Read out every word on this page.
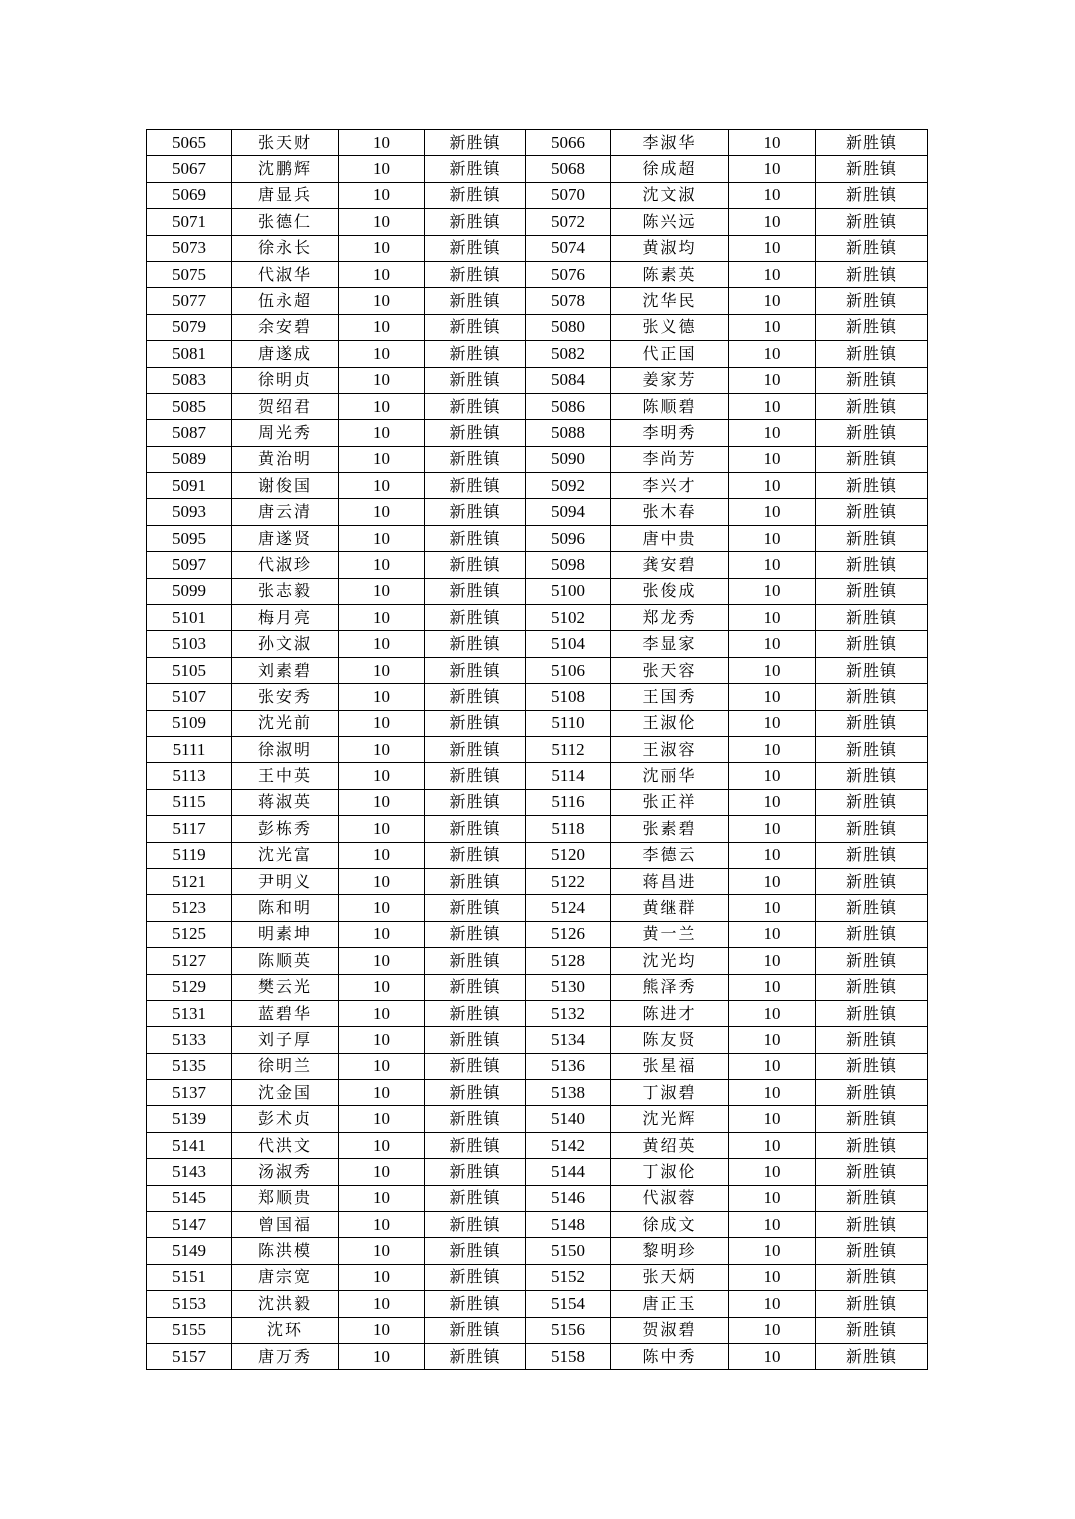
5065	张天财	10	新胜镇	5066	李淑华	10	新胜镇
5067	沈鹏辉	10	新胜镇	5068	徐成超	10	新胜镇
5069	唐显兵	10	新胜镇	5070	沈文淑	10	新胜镇
5071	张德仁	10	新胜镇	5072	陈兴远	10	新胜镇
5073	徐永长	10	新胜镇	5074	黄淑均	10	新胜镇
5075	代淑华	10	新胜镇	5076	陈素英	10	新胜镇
5077	伍永超	10	新胜镇	5078	沈华民	10	新胜镇
5079	余安碧	10	新胜镇	5080	张义德	10	新胜镇
5081	唐遂成	10	新胜镇	5082	代正国	10	新胜镇
5083	徐明贞	10	新胜镇	5084	姜家芳	10	新胜镇
5085	贺绍君	10	新胜镇	5086	陈顺碧	10	新胜镇
5087	周光秀	10	新胜镇	5088	李明秀	10	新胜镇
5089	黄治明	10	新胜镇	5090	李尚芳	10	新胜镇
5091	谢俊国	10	新胜镇	5092	李兴才	10	新胜镇
5093	唐云清	10	新胜镇	5094	张木春	10	新胜镇
5095	唐遂贤	10	新胜镇	5096	唐中贵	10	新胜镇
5097	代淑珍	10	新胜镇	5098	龚安碧	10	新胜镇
5099	张志毅	10	新胜镇	5100	张俊成	10	新胜镇
5101	梅月亮	10	新胜镇	5102	郑龙秀	10	新胜镇
5103	孙文淑	10	新胜镇	5104	李显家	10	新胜镇
5105	刘素碧	10	新胜镇	5106	张天容	10	新胜镇
5107	张安秀	10	新胜镇	5108	王国秀	10	新胜镇
5109	沈光前	10	新胜镇	5110	王淑伦	10	新胜镇
5111	徐淑明	10	新胜镇	5112	王淑容	10	新胜镇
5113	王中英	10	新胜镇	5114	沈丽华	10	新胜镇
5115	蒋淑英	10	新胜镇	5116	张正祥	10	新胜镇
5117	彭栋秀	10	新胜镇	5118	张素碧	10	新胜镇
5119	沈光富	10	新胜镇	5120	李德云	10	新胜镇
5121	尹明义	10	新胜镇	5122	蒋昌进	10	新胜镇
5123	陈和明	10	新胜镇	5124	黄继群	10	新胜镇
5125	明素坤	10	新胜镇	5126	黄一兰	10	新胜镇
5127	陈顺英	10	新胜镇	5128	沈光均	10	新胜镇
5129	樊云光	10	新胜镇	5130	熊泽秀	10	新胜镇
5131	蓝碧华	10	新胜镇	5132	陈进才	10	新胜镇
5133	刘子厚	10	新胜镇	5134	陈友贤	10	新胜镇
5135	徐明兰	10	新胜镇	5136	张星福	10	新胜镇
5137	沈金国	10	新胜镇	5138	丁淑碧	10	新胜镇
5139	彭术贞	10	新胜镇	5140	沈光辉	10	新胜镇
5141	代洪文	10	新胜镇	5142	黄绍英	10	新胜镇
5143	汤淑秀	10	新胜镇	5144	丁淑伦	10	新胜镇
5145	郑顺贵	10	新胜镇	5146	代淑蓉	10	新胜镇
5147	曾国福	10	新胜镇	5148	徐成文	10	新胜镇
5149	陈洪模	10	新胜镇	5150	黎明珍	10	新胜镇
5151	唐宗宽	10	新胜镇	5152	张天炳	10	新胜镇
5153	沈洪毅	10	新胜镇	5154	唐正玉	10	新胜镇
5155	沈环	10	新胜镇	5156	贺淑碧	10	新胜镇
5157	唐万秀	10	新胜镇	5158	陈中秀	10	新胜镇
